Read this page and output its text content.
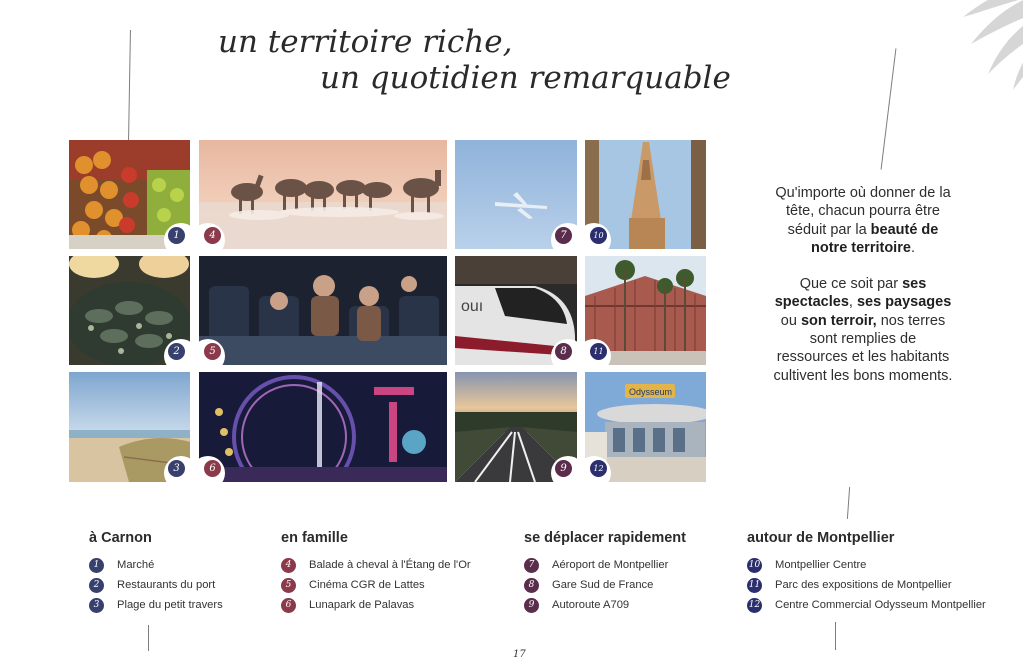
un territoire riche,
un quotidien remarquable
1	4	7	10
2	5
ouı
8	11
3	6	9
Odysseum
12

Qu'importe où donner de la tête, chacun pourra être séduit par la beauté de notre territoire.

Que ce soit par ses spectacles, ses paysages ou son terroir, nos terres sont remplies de ressources et les habitants cultivent les bons moments.

à Carnon
1	Marché
2	Restaurants du port
3	Plage du petit travers
en famille
4	Balade à cheval à l'Étang de l'Or
5	Cinéma CGR de Lattes
6	Lunapark de Palavas
se déplacer rapidement
7	Aéroport de Montpellier
8	Gare Sud de France
9	Autoroute A709
autour de Montpellier
10 Montpellier Centre
11 Parc des expositions de Montpellier
12 Centre Commercial Odysseum Montpellier
17
